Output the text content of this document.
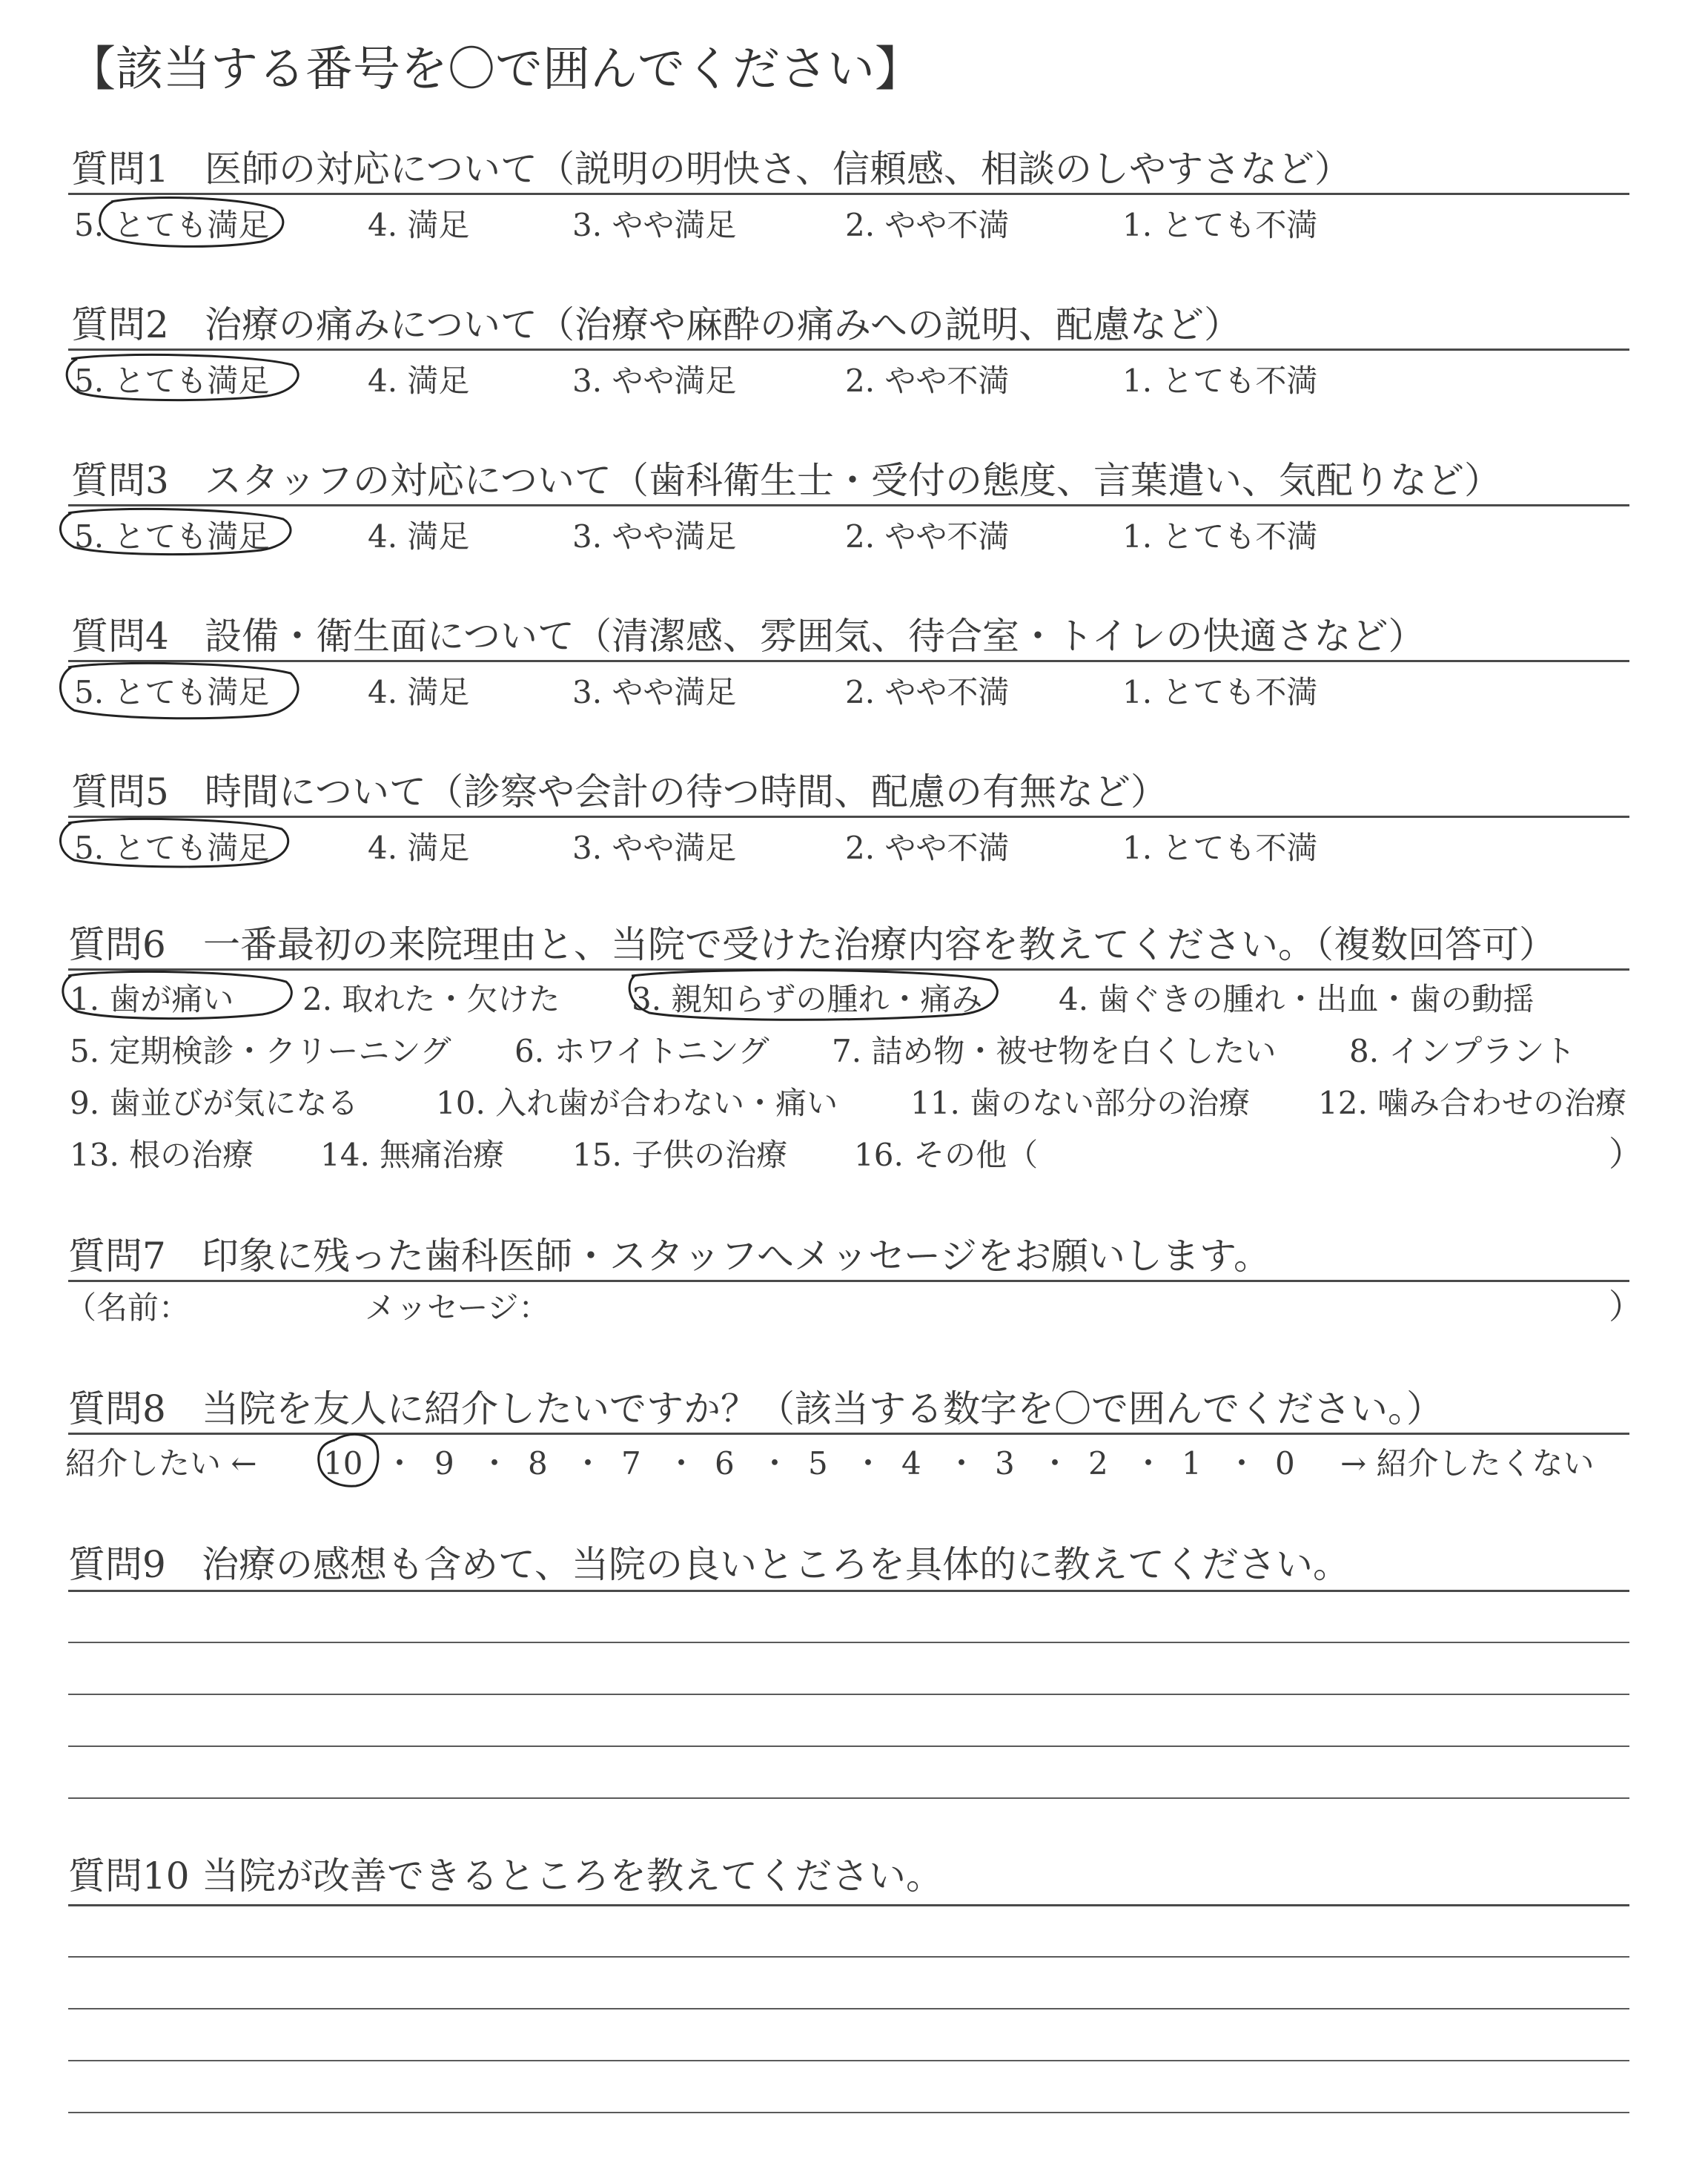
【該当する番号を〇で囲んでください】
質問1 医師の対応について（説明の明快さ、信頼感、相談のしやすさなど）
5. とても満足	4. 満足	3. やや満足	2. やや不満	1. とても不満
質問2 治療の痛みについて（治療や麻酔の痛みへの説明、配慮など）
5. とても満足	4. 満足	3. やや満足	2. やや不満	1. とても不満
質問3 スタッフの対応について（歯科衛生士・受付の態度、言葉遣い、気配りなど）
5. とても満足	4. 満足	3. やや満足	2. やや不満	1. とても不満
質問4 設備・衛生面について（清潔感、雰囲気、待合室・トイレの快適さなど）
5. とても満足	4. 満足	3. やや満足	2. やや不満	1. とても不満
質問5 時間について（診察や会計の待つ時間、配慮の有無など）
5. とても満足	4. 満足	3. やや満足	2. やや不満	1. とても不満
質問6 一番最初の来院理由と、当院で受けた治療内容を教えてください。（複数回答可）
1. 歯が痛い 2. 取れた・欠けた 3. 親知らずの腫れ・痛み 4. 歯ぐきの腫れ・出血・歯の動揺
5. 定期検診・クリーニング 6. ホワイトニング 7. 詰め物・被せ物を白くしたい 8. インプラント
9. 歯並びが気になる 10. 入れ歯が合わない・痛い 11. 歯のない部分の治療 12. 噛み合わせの治療
13. 根の治療 14. 無痛治療 15. 子供の治療 16. その他（	）
質問7 印象に残った歯科医師・スタッフへメッセージをお願いします。
（名前：	メッセージ：	）
質問8 当院を友人に紹介したいですか？（該当する数字を〇で囲んでください。）
紹介したい ← 10 ・ 9 ・ 8 ・ 7 ・ 6 ・ 5 ・ 4 ・ 3 ・ 2 ・ 1 ・ 0 → 紹介したくない
質問9 治療の感想も含めて、当院の良いところを具体的に教えてください。
質問10 当院が改善できるところを教えてください。
